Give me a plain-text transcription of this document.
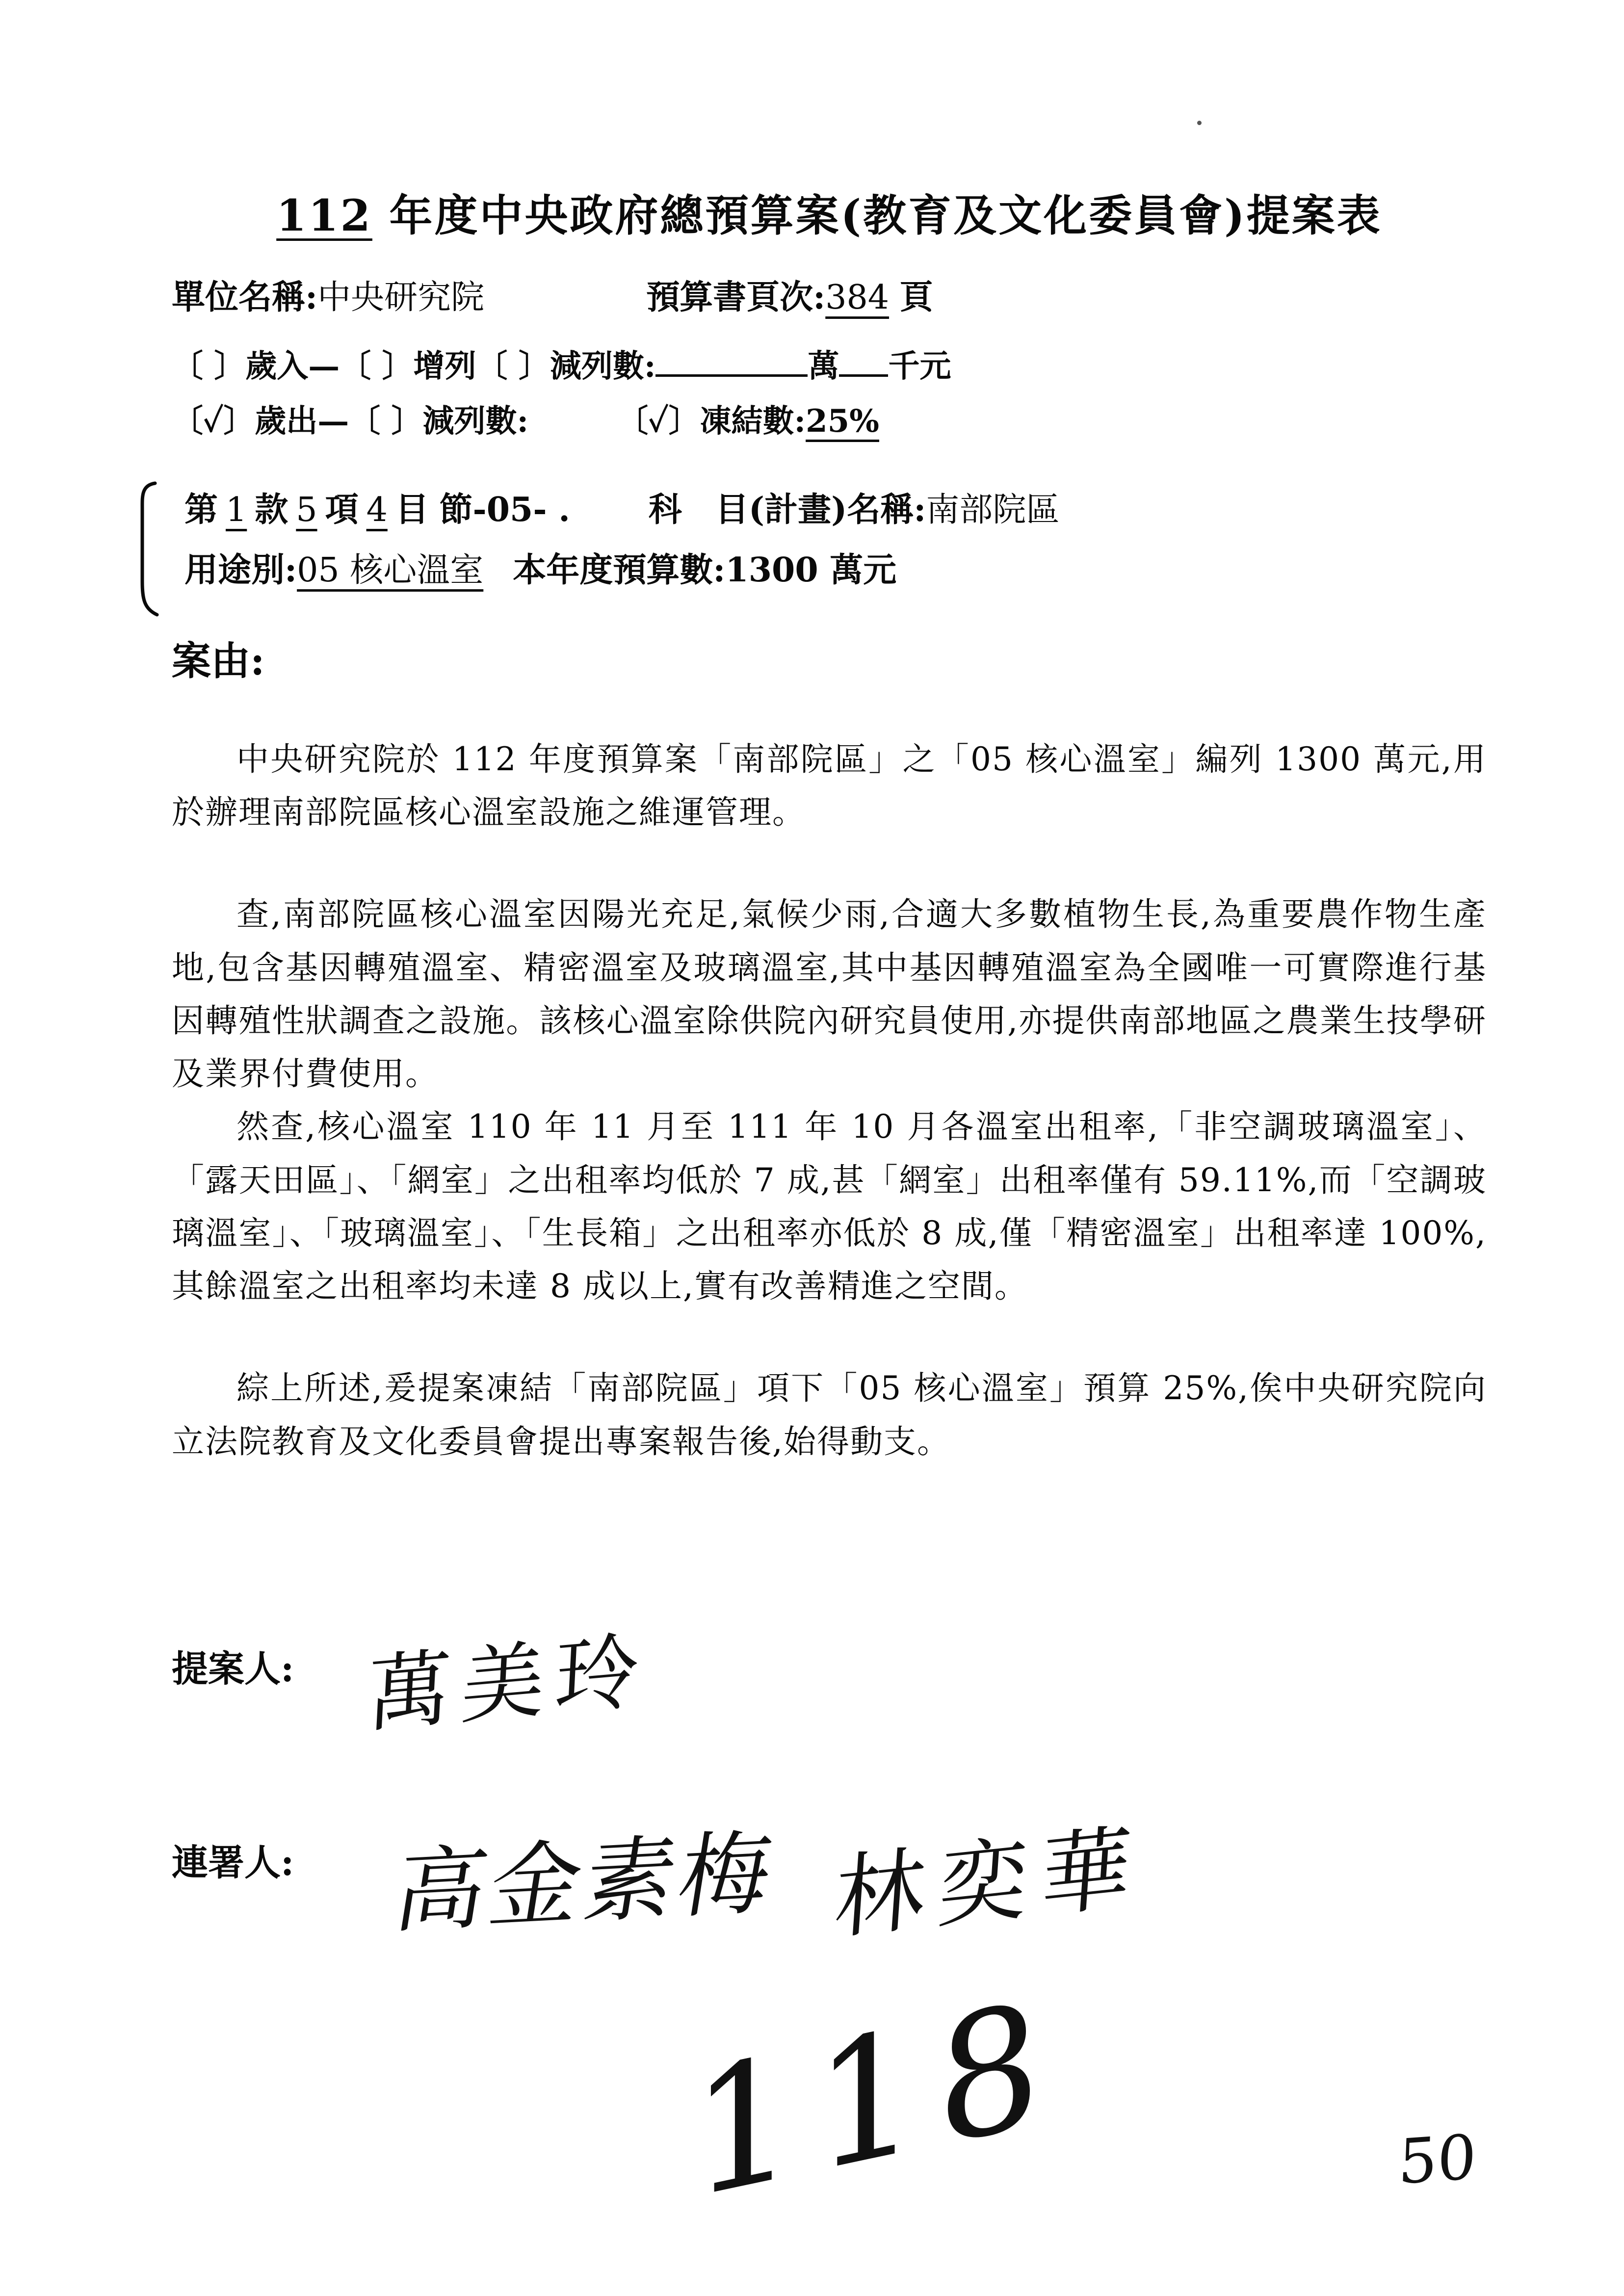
112 年度中央政府總預算案(教育及文化委員會)提案表
單位名稱:中央研究院	預算書頁次:384 頁
〔 〕歲入—〔 〕增列〔 〕減列數:	萬 千元
〔✓〕歲出—〔 〕減列數:	〔✓〕凍結數:25%
第 1 款 5 項 4 目 節-05- . 科　目(計畫)名稱:南部院區
用途別:05 核心溫室 本年度預算數:1300 萬元
案由:

中央研究院於 112 年度預算案「南部院區」之「05 核心溫室」編列 1300 萬元,用於辦理南部院區核心溫室設施之維運管理。

查,南部院區核心溫室因陽光充足,氣候少雨,合適大多數植物生長,為重要農作物生產地,包含基因轉殖溫室、精密溫室及玻璃溫室,其中基因轉殖溫室為全國唯一可實際進行基因轉殖性狀調查之設施。該核心溫室除供院內研究員使用,亦提供南部地區之農業生技學研及業界付費使用。

然查,核心溫室 110 年 11 月至 111 年 10 月各溫室出租率,「非空調玻璃溫室」、「露天田區」、「網室」之出租率均低於 7 成,甚「網室」出租率僅有 59.11%,而「空調玻璃溫室」、「玻璃溫室」、「生長箱」之出租率亦低於 8 成,僅「精密溫室」出租率達 100%,其餘溫室之出租率均未達 8 成以上,實有改善精進之空間。

綜上所述,爰提案凍結「南部院區」項下「05 核心溫室」預算 25%,俟中央研究院向立法院教育及文化委員會提出專案報告後,始得動支。

提案人: 萬美玲
連署人: 高金素梅 林奕華
118	50
